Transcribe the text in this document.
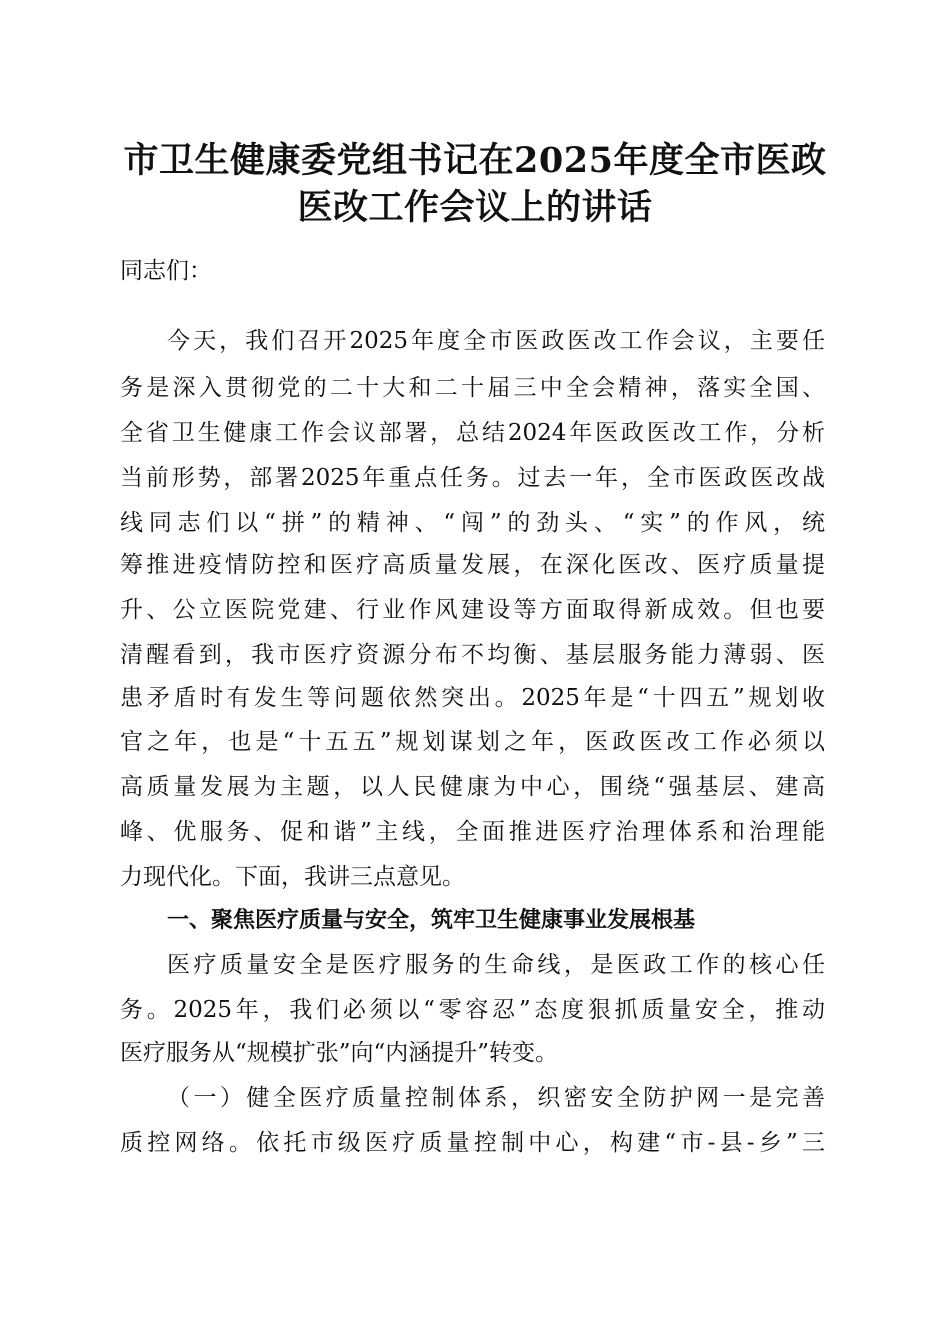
市卫生健康委党组书记在2025年度全市医政
医改工作会议上的讲话
同志们：
今天，我们召开2025年度全市医政医改工作会议，主要任
务是深入贯彻党的二十大和二十届三中全会精神，落实全国、
全省卫生健康工作会议部署，总结2024年医政医改工作，分析
当前形势，部署2025年重点任务。过去一年，全市医政医改战
线同志们以“拼”的精神、“闯”的劲头、“实”的作风，统
筹推进疫情防控和医疗高质量发展，在深化医改、医疗质量提
升、公立医院党建、行业作风建设等方面取得新成效。但也要
清醒看到，我市医疗资源分布不均衡、基层服务能力薄弱、医
患矛盾时有发生等问题依然突出。2025年是“十四五”规划收
官之年，也是“十五五”规划谋划之年，医政医改工作必须以
高质量发展为主题，以人民健康为中心，围绕“强基层、建高
峰、优服务、促和谐”主线，全面推进医疗治理体系和治理能
力现代化。下面，我讲三点意见。
一、聚焦医疗质量与安全，筑牢卫生健康事业发展根基
医疗质量安全是医疗服务的生命线，是医政工作的核心任
务。2025年，我们必须以“零容忍”态度狠抓质量安全，推动
医疗服务从“规模扩张”向“内涵提升”转变。
（一）健全医疗质量控制体系，织密安全防护网一是完善
质控网络。依托市级医疗质量控制中心，构建“市-县-乡”三
